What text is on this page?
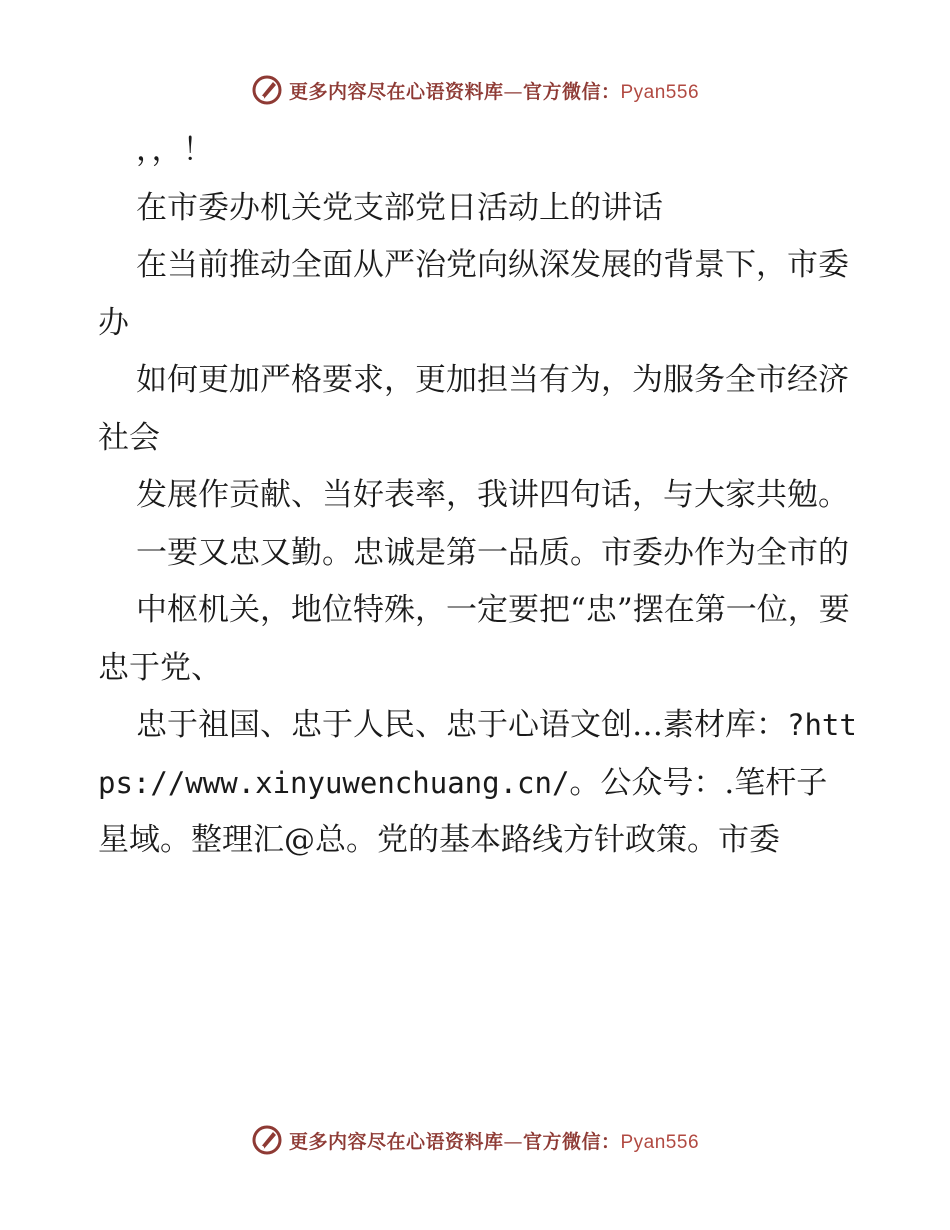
更多内容尽在心语资料库—官方微信：Pyan556

，，！

在市委办机关党支部党日活动上的讲话

在当前推动全面从严治党向纵深发展的背景下，市委办

如何更加严格要求，更加担当有为，为服务全市经济社会

发展作贡献、当好表率，我讲四句话，与大家共勉。

一要又忠又勤。忠诚是第一品质。市委办作为全市的

中枢机关，地位特殊，一定要把“忠”摆在第一位，要忠于党、

忠于祖国、忠于人民、忠于心语文创…素材库：?https://www.xinyuwenchuang.cn/。公众号：.笔杆子星域。整理汇@总。党的基本路线方针政策。市委

更多内容尽在心语资料库—官方微信：Pyan556
